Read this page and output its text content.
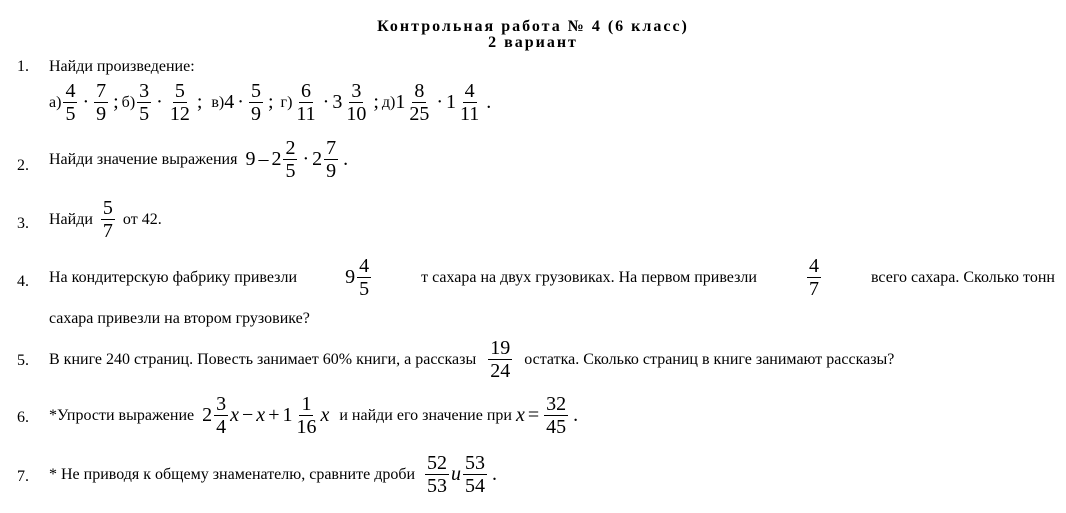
Контрольная работа № 4 (6 класс)
2 вариант
1. Найди произведение:
$а) \frac{4}{5} \cdot \frac{7}{9}$ ; $б) \frac{3}{5} \cdot \frac{5}{12}$ ; в) $4 \cdot \frac{5}{9}$ ; $г) \frac{6}{11} \cdot 3 \frac{3}{10}$ ; д) $1 \frac{8}{25} \cdot 1 \frac{4}{11}$ .
2. Найди значение выражения $9 - 2 \frac{2}{5} \cdot 2 \frac{7}{9}$ .
3. Найди $\frac{5}{7}$ от 42.
4. На кондитерскую фабрику привезли $9 \frac{4}{5}$	т сахара на двух грузовиках. На первом привезли	$\frac{4}{7}$	всего сахара. Сколько тонн
сахара привезли на втором грузовике?
5. В книге 240 страниц. Повесть занимает 60% книги, а рассказы $\frac{19}{24}$ остатка. Сколько страниц в книге занимают рассказы?
6. *Упрости выражение $2 \frac{3}{4}$ $x - x + 1 \frac{1}{16}$ x и найди его значение при $x = \frac{32}{45}$ .
7. * Не приводя к общему знаменателю, сравните дроби $\frac{52}{53}$ и $\frac{53}{54}$ .
